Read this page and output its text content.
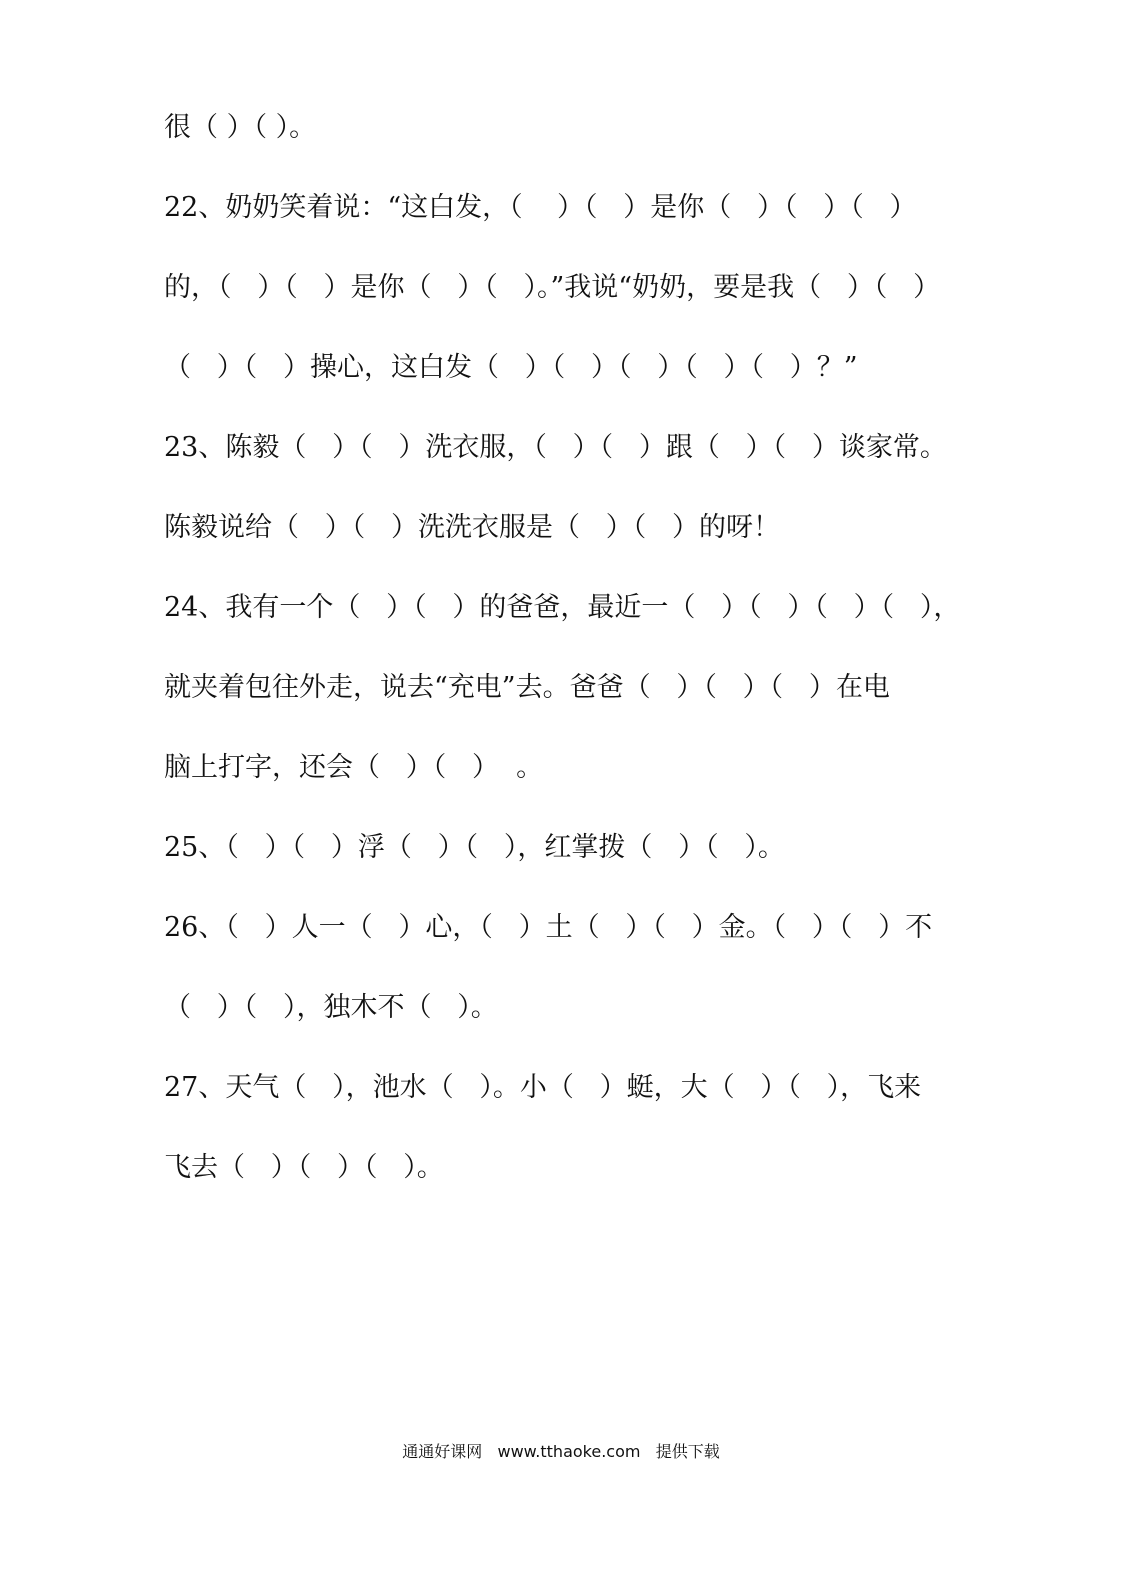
很（ ）（ ）。
22、奶奶笑着说：“这白发，（    ）（   ）是你（   ）（   ）（   ）
的，（   ）（   ）是你（   ）（   ）。”我说“奶奶，要是我（   ）（   ）
（   ）（   ）操心，这白发（   ）（   ）（   ）（   ）（   ）？”
23、陈毅（   ）（   ）洗衣服，（   ）（   ）跟（   ）（   ）谈家常。
陈毅说给（   ）（   ）洗洗衣服是（   ）（   ）的呀！
24、我有一个（   ）（   ）的爸爸，最近一（   ）（   ）（   ）（   ），
就夹着包往外走，说去“充电”去。爸爸（   ）（   ）（   ）在电
脑上打字，还会（   ）（   ）  。
25、（   ）（   ）浮（   ）（   ），红掌拨（   ）（   ）。
26、（   ）人一（   ）心，（   ）土（   ）（   ）金。（   ）（   ）不
（   ）（   ），独木不（   ）。
27、天气（   ），池水（   ）。小（   ）蜓，大（   ）（   ），飞来
飞去（   ）（   ）（   ）。
通通好课网   www.tthaoke.com   提供下载
